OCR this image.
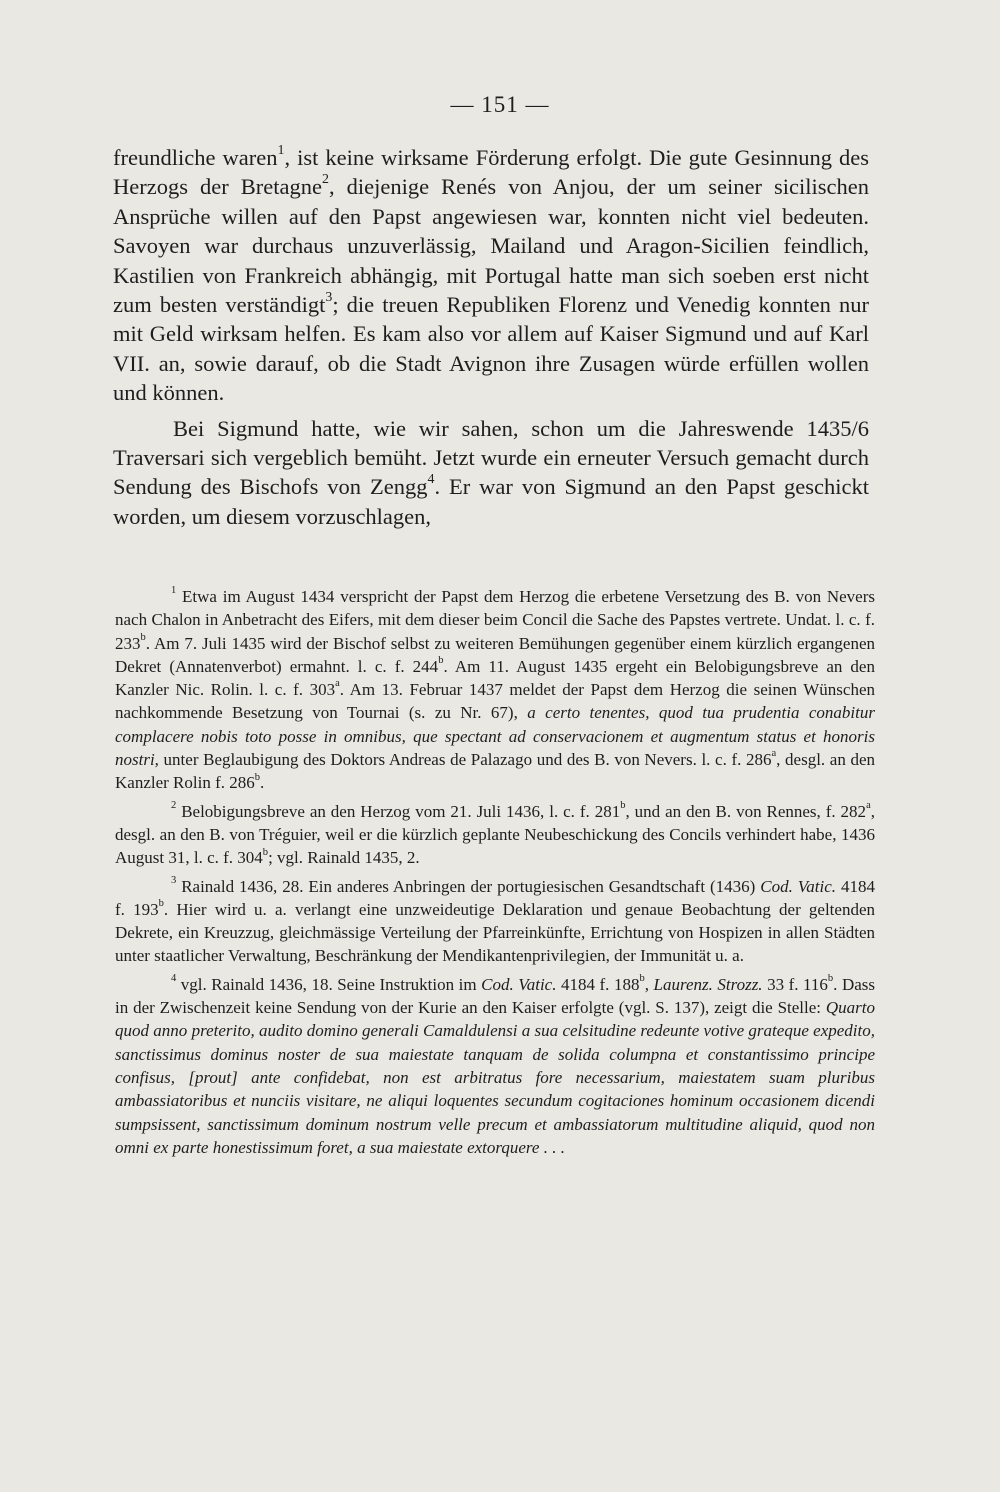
— 151 —

freundliche waren$^1$, ist keine wirksame Förderung erfolgt. Die gute Gesinnung des Herzogs der Bretagne$^2$, diejenige Renés von Anjou, der um seiner sicilischen Ansprüche willen auf den Papst angewiesen war, konnten nicht viel bedeuten. Savoyen war durchaus unzuverlässig, Mailand und Aragon-Sicilien feindlich, Kastilien von Frankreich abhängig, mit Portugal hatte man sich soeben erst nicht zum besten verständigt$^3$; die treuen Republiken Florenz und Venedig konnten nur mit Geld wirksam helfen. Es kam also vor allem auf Kaiser Sigmund und auf Karl VII. an, sowie darauf, ob die Stadt Avignon ihre Zusagen würde erfüllen wollen und können.

Bei Sigmund hatte, wie wir sahen, schon um die Jahreswende 1435/6 Traversari sich vergeblich bemüht. Jetzt wurde ein erneuter Versuch gemacht durch Sendung des Bischofs von Zengg$^4$. Er war von Sigmund an den Papst geschickt worden, um diesem vorzuschlagen,

$^1$ Etwa im August 1434 verspricht der Papst dem Herzog die erbetene Versetzung des B. von Nevers nach Chalon in Anbetracht des Eifers, mit dem dieser beim Concil die Sache des Papstes vertrete. Undat. l. c. f. 233$^b$. Am 7. Juli 1435 wird der Bischof selbst zu weiteren Bemühungen gegenüber einem kürzlich ergangenen Dekret (Annatenverbot) ermahnt. l. c. f. 244$^b$. Am 11. August 1435 ergeht ein Belobigungsbreve an den Kanzler Nic. Rolin. l. c. f. 303$^a$. Am 13. Februar 1437 meldet der Papst dem Herzog die seinen Wünschen nachkommende Besetzung von Tournai (s. zu Nr. 67), a certo tenentes, quod tua prudentia conabitur complacere nobis toto posse in omnibus, que spectant ad conservacionem et augmentum status et honoris nostri, unter Beglaubigung des Doktors Andreas de Palazago und des B. von Nevers. l. c. f. 286$^a$, desgl. an den Kanzler Rolin f. 286$^b$.

$^2$ Belobigungsbreve an den Herzog vom 21. Juli 1436, l. c. f. 281$^b$, und an den B. von Rennes, f. 282$^a$, desgl. an den B. von Tréguier, weil er die kürzlich geplante Neubeschickung des Concils verhindert habe, 1436 August 31, l. c. f. 304$^b$; vgl. Rainald 1435, 2.

$^3$ Rainald 1436, 28. Ein anderes Anbringen der portugiesischen Gesandtschaft (1436) Cod. Vatic. 4184 f. 193$^b$. Hier wird u. a. verlangt eine unzweideutige Deklaration und genaue Beobachtung der geltenden Dekrete, ein Kreuzzug, gleichmässige Verteilung der Pfarreinkünfte, Errichtung von Hospizen in allen Städten unter staatlicher Verwaltung, Beschränkung der Mendikantenprivilegien, der Immunität u. a.

$^4$ vgl. Rainald 1436, 18. Seine Instruktion im Cod. Vatic. 4184 f. 188$^b$, Laurenz. Strozz. 33 f. 116$^b$. Dass in der Zwischenzeit keine Sendung von der Kurie an den Kaiser erfolgte (vgl. S. 137), zeigt die Stelle: Quarto quod anno preterito, audito domino generali Camaldulensi a sua celsitudine redeunte votive grateque expedito, sanctissimus dominus noster de sua maiestate tanquam de solida columpna et constantissimo principe confisus, [prout] ante confidebat, non est arbitratus fore necessarium, maiestatem suam pluribus ambassiatoribus et nunciis visitare, ne aliqui loquentes secundum cogitaciones hominum occasionem dicendi sumpsissent, sanctissimum dominum nostrum velle precum et ambassiatorum multitudine aliquid, quod non omni ex parte honestissimum foret, a sua maiestate extorquere . . .
